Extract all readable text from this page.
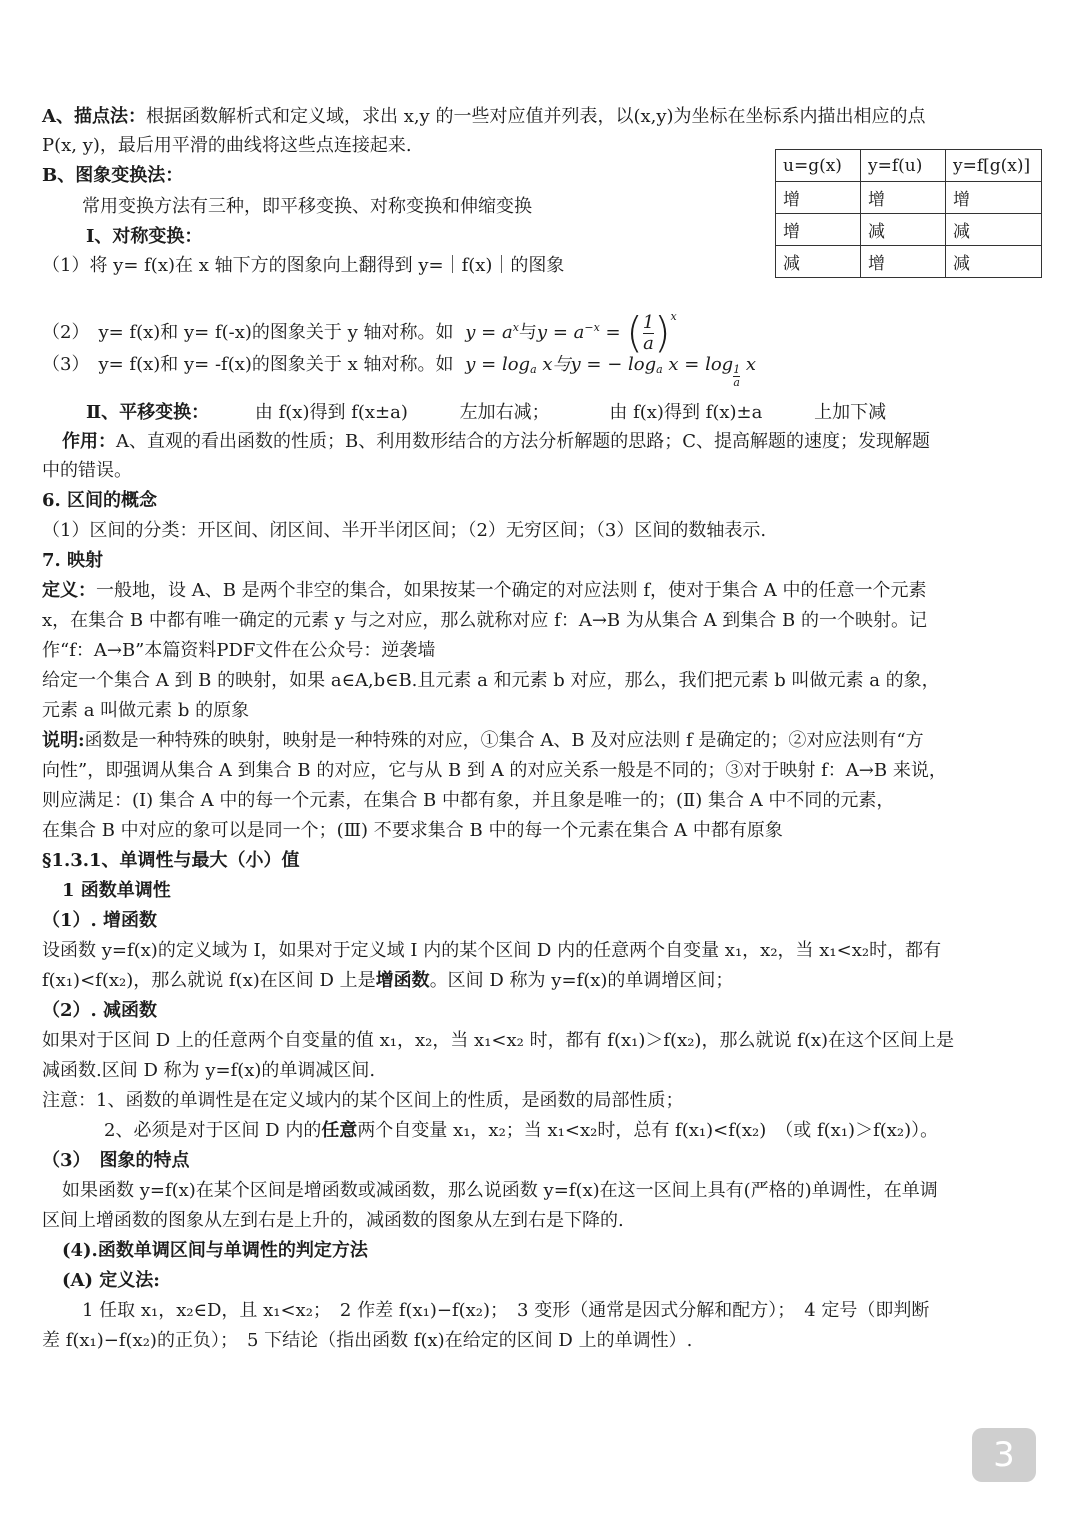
A、描点法：根据函数解析式和定义域，求出 x,y 的一些对应值并列表，以(x,y)为坐标在坐标系内描出相应的点
P(x, y)，最后用平滑的曲线将这些点连接起来.
B、图象变换法：
常用变换方法有三种，即平移变换、对称变换和伸缩变换
Ⅰ、对称变换：
（1）将 y= f(x)在 x 轴下方的图象向上翻得到 y=｜f(x)｜的图象
（2）　y= f(x)和 y= f(-x)的图象关于 y 轴对称。如 $y = a^x$与$y = a^{-x}$ = ( $\frac{1}{a} )^x$
（3）　y= f(x)和 y= -f(x)的图象关于 x 轴对称。如 $y = \log_a x$与y = − $\log_a x = \log \frac{1}{a}$ x
Ⅱ、平移变换：	由 f(x)得到 f(x±a)	左加右减；	由 f(x)得到 f(x)±a	上加下减
作用：A、直观的看出函数的性质；B、利用数形结合的方法分析解题的思路；C、提高解题的速度；发现解题
中的错误。
u=g(x)	y=f(u)	y=f[g(x)]
增	增	增
增	减	减
减	增	减
6. 区间的概念
（1）区间的分类：开区间、闭区间、半开半闭区间；（2）无穷区间；（3）区间的数轴表示.
7. 映射
定义：一般地，设 A、B 是两个非空的集合，如果按某一个确定的对应法则 f，使对于集合 A 中的任意一个元素
x，在集合 B 中都有唯一确定的元素 y 与之对应，那么就称对应 f：A→B 为从集合 A 到集合 B 的一个映射。记
作“f：A→B”本篇资料PDF文件在公众号：逆袭墙
给定一个集合 A 到 B 的映射，如果 a∈A,b∈B.且元素 a 和元素 b 对应，那么，我们把元素 b 叫做元素 a 的象，
元素 a 叫做元素 b 的原象
说明:函数是一种特殊的映射，映射是一种特殊的对应，①集合 A、B 及对应法则 f 是确定的；②对应法则有“方
向性”，即强调从集合 A 到集合 B 的对应，它与从 B 到 A 的对应关系一般是不同的；③对于映射 f：A→B 来说，
则应满足：(Ⅰ) 集合 A 中的每一个元素，在集合 B 中都有象，并且象是唯一的；(Ⅱ) 集合 A 中不同的元素，
在集合 B 中对应的象可以是同一个；(Ⅲ) 不要求集合 B 中的每一个元素在集合 A 中都有原象
§1.3.1、单调性与最大（小）值
1 函数单调性
（1）. 增函数
设函数 y=f(x)的定义域为 I，如果对于定义域 I 内的某个区间 D 内的任意两个自变量 x₁，x₂，当 x₁<x₂时，都有
f(x₁)<f(x₂)，那么就说 f(x)在区间 D 上是增函数。区间 D 称为 y=f(x)的单调增区间；
（2）. 减函数
如果对于区间 D 上的任意两个自变量的值 x₁，x₂，当 x₁<x₂ 时，都有 f(x₁)＞f(x₂)，那么就说 f(x)在这个区间上是
减函数.区间 D 称为 y=f(x)的单调减区间.
注意：1、函数的单调性是在定义域内的某个区间上的性质，是函数的局部性质；
2、必须是对于区间 D 内的任意两个自变量 x₁，x₂；当 x₁<x₂时，总有 f(x₁)<f(x₂)　（或 f(x₁)＞f(x₂)）。
（3）　图象的特点
如果函数 y=f(x)在某个区间是增函数或减函数，那么说函数 y=f(x)在这一区间上具有(严格的)单调性，在单调
区间上增函数的图象从左到右是上升的，减函数的图象从左到右是下降的.
(4).函数单调区间与单调性的判定方法
(A) 定义法:
1 任取 x₁，x₂∈D，且 x₁<x₂；　2 作差 f(x₁)−f(x₂)；　3 变形（通常是因式分解和配方）；　4 定号（即判断
差 f(x₁)−f(x₂)的正负）；　5 下结论（指出函数 f(x)在给定的区间 D 上的单调性）.
3
